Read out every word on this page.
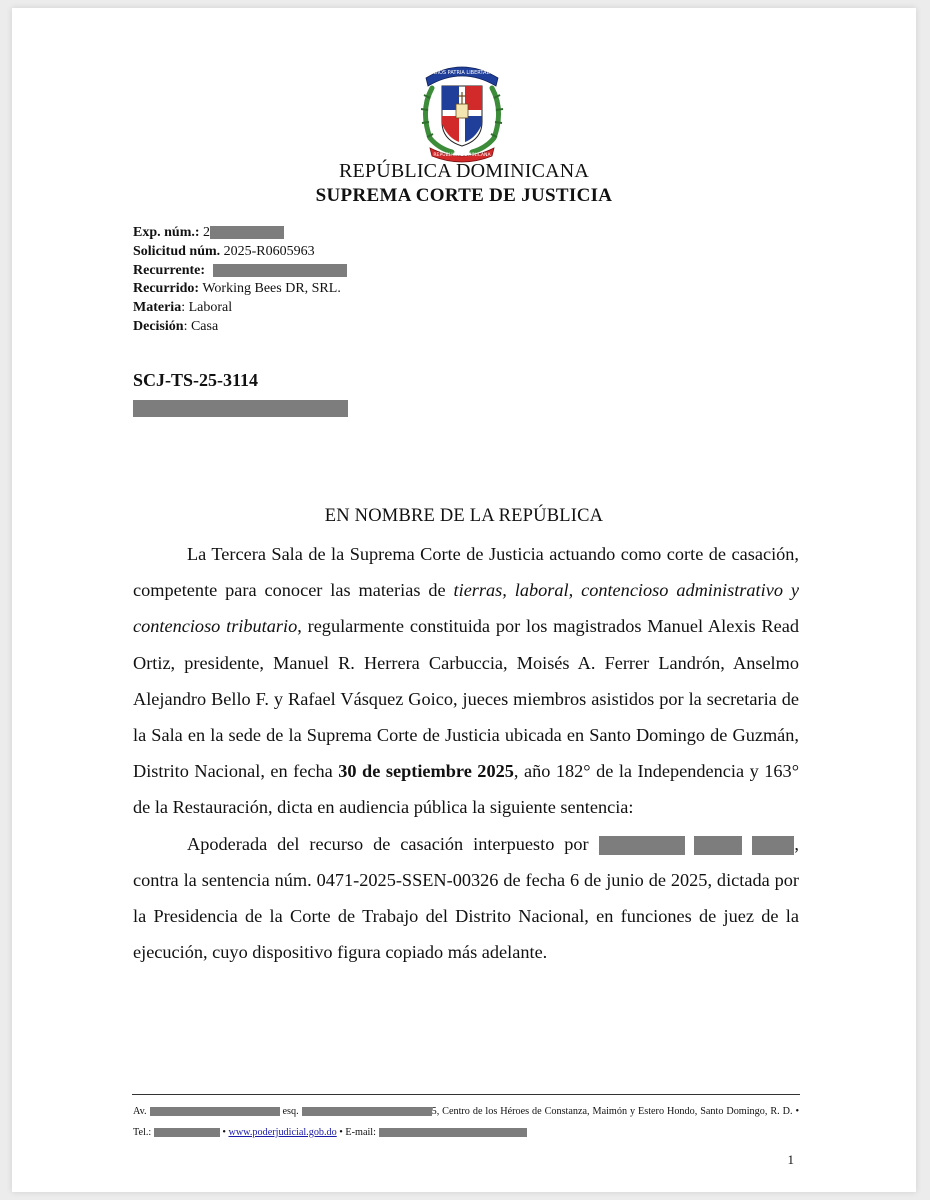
DIOS PATRIA LIBERTAD
REPÚBLICA DOMINICANA
REPÚBLICA DOMINICANA
SUPREMA CORTE DE JUSTICIA
Exp. núm.: 2
Solicitud núm. 2025-R0605963
Recurrente:
Recurrido: Working Bees DR, SRL.
Materia: Laboral
Decisión: Casa
SCJ-TS-25-3114
EN NOMBRE DE LA REPÚBLICA

La Tercera Sala de la Suprema Corte de Justicia actuando como corte de casación, competente para conocer las materias de tierras, laboral, contencioso administrativo y contencioso tributario, regularmente constituida por los magistrados Manuel Alexis Read Ortiz, presidente, Manuel R. Herrera Carbuccia, Moisés A. Ferrer Landrón, Anselmo Alejandro Bello F. y Rafael Vásquez Goico, jueces miembros asistidos por la secretaria de la Sala en la sede de la Suprema Corte de Justicia ubicada en Santo Domingo de Guzmán, Distrito Nacional, en fecha 30 de septiembre 2025, año 182° de la Independencia y 163° de la Restauración, dicta en audiencia pública la siguiente sentencia:

Apoderada del recurso de casación interpuesto por	, contra la sentencia núm. 0471-2025-SSEN-00326 de fecha 6 de junio de 2025, dictada por la Presidencia de la Corte de Trabajo del Distrito Nacional, en funciones de juez de la ejecución, cuyo dispositivo figura copiado más adelante.

Av.	esq.	5, Centro de los Héroes de Constanza, Maimón y Estero Hondo, Santo Domingo, R. D. • Tel.:	• www.poderjudicial.gob.do • E-mail:
1
